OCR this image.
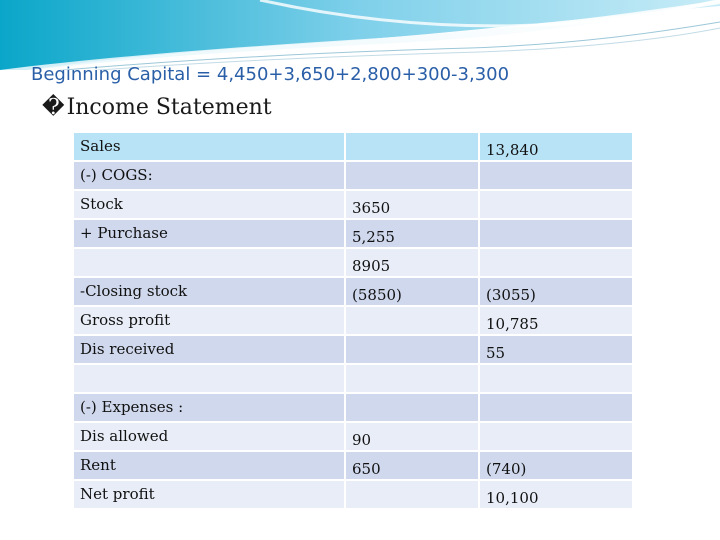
Beginning Capital = 4,450+3,650+2,800+300-3,300
�Income Statement
Sales		13,840
(-) COGS:		
Stock	3650	
+ Purchase	5,255	
	8905	
-Closing stock	(5850)	(3055)
Gross profit		10,785
Dis received		55

(-) Expenses :		
Dis allowed	90	
Rent	650	(740)
Net profit		10,100
